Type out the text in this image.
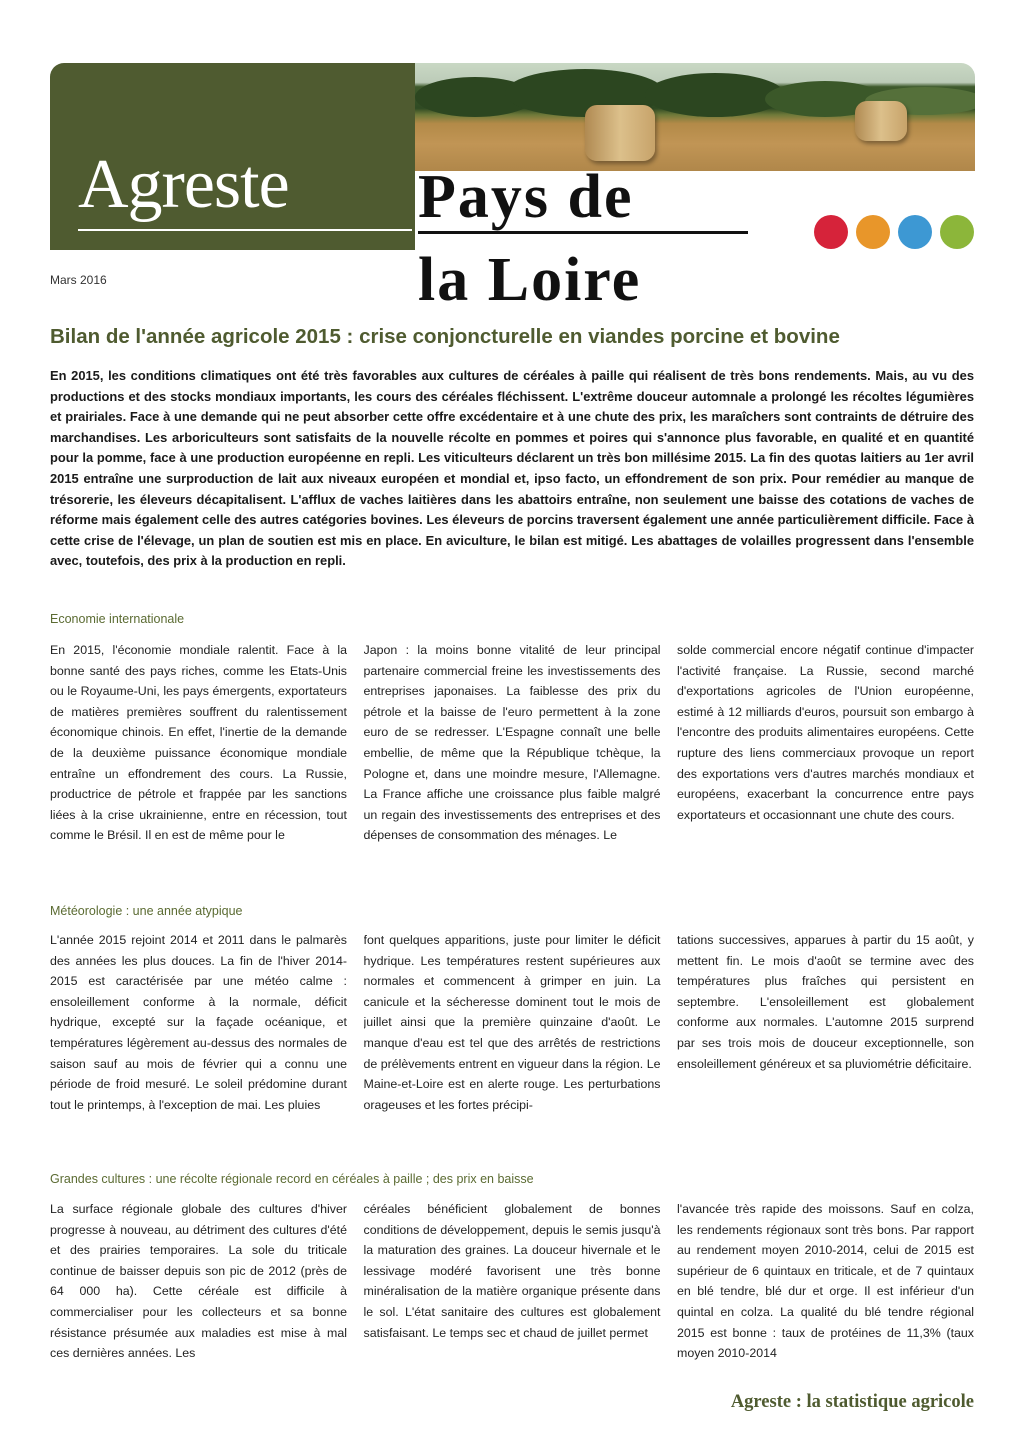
Agreste Pays de
la Loire
Mars 2016
Bilan de l'année agricole 2015 : crise conjoncturelle en viandes porcine et bovine
En 2015, les conditions climatiques ont été très favorables aux cultures de céréales à paille qui réalisent de très bons rendements. Mais, au vu des productions et des stocks mondiaux importants, les cours des céréales fléchissent. L'extrême douceur automnale a prolongé les récoltes légumières et prairiales. Face à une demande qui ne peut absorber cette offre excédentaire et à une chute des prix, les maraîchers sont contraints de détruire des marchandises. Les arboriculteurs sont satisfaits de la nouvelle récolte en pommes et poires qui s'annonce plus favorable, en qualité et en quantité pour la pomme, face à une production européenne en repli. Les viticulteurs déclarent un très bon millésime 2015. La fin des quotas laitiers au 1er avril 2015 entraîne une surproduction de lait aux niveaux européen et mondial et, ipso facto, un effondrement de son prix. Pour remédier au manque de trésorerie, les éleveurs décapitalisent. L'afflux de vaches laitières dans les abattoirs entraîne, non seulement une baisse des cotations de vaches de réforme mais également celle des autres catégories bovines. Les éleveurs de porcins traversent également une année particulièrement difficile. Face à cette crise de l'élevage, un plan de soutien est mis en place. En aviculture, le bilan est mitigé. Les abattages de volailles progressent dans l'ensemble avec, toutefois, des prix à la production en repli.
Economie internationale
En 2015, l'économie mondiale ralentit. Face à la bonne santé des pays riches, comme les Etats-Unis ou le Royaume-Uni, les pays émergents, exportateurs de matières premières souffrent du ralentissement économique chinois. En effet, l'inertie de la demande de la deuxième puissance économique mondiale entraîne un effondrement des cours. La Russie, productrice de pétrole et frappée par les sanctions liées à la crise ukrainienne, entre en récession, tout comme le Brésil. Il en est de même pour le
Japon : la moins bonne vitalité de leur principal partenaire commercial freine les investissements des entreprises japonaises. La faiblesse des prix du pétrole et la baisse de l'euro permettent à la zone euro de se redresser. L'Espagne connaît une belle embellie, de même que la République tchèque, la Pologne et, dans une moindre mesure, l'Allemagne. La France affiche une croissance plus faible malgré un regain des investissements des entreprises et des dépenses de consommation des ménages. Le
solde commercial encore négatif continue d'impacter l'activité française. La Russie, second marché d'exportations agricoles de l'Union européenne, estimé à 12 milliards d'euros, poursuit son embargo à l'encontre des produits alimentaires européens. Cette rupture des liens commerciaux provoque un report des exportations vers d'autres marchés mondiaux et européens, exacerbant la concurrence entre pays exportateurs et occasionnant une chute des cours.
Météorologie : une année atypique
L'année 2015 rejoint 2014 et 2011 dans le palmarès des années les plus douces. La fin de l'hiver 2014-2015 est caractérisée par une météo calme : ensoleillement conforme à la normale, déficit hydrique, excepté sur la façade océanique, et températures légèrement au-dessus des normales de saison sauf au mois de février qui a connu une période de froid mesuré. Le soleil prédomine durant tout le printemps, à l'exception de mai. Les pluies
font quelques apparitions, juste pour limiter le déficit hydrique. Les températures restent supérieures aux normales et commencent à grimper en juin. La canicule et la sécheresse dominent tout le mois de juillet ainsi que la première quinzaine d'août. Le manque d'eau est tel que des arrêtés de restrictions de prélèvements entrent en vigueur dans la région. Le Maine-et-Loire est en alerte rouge. Les perturbations orageuses et les fortes précipi-
tations successives, apparues à partir du 15 août, y mettent fin. Le mois d'août se termine avec des températures plus fraîches qui persistent en septembre. L'ensoleillement est globalement conforme aux normales. L'automne 2015 surprend par ses trois mois de douceur exceptionnelle, son ensoleillement généreux et sa pluviométrie déficitaire.
Grandes cultures : une récolte régionale record en céréales à paille ; des prix en baisse
La surface régionale globale des cultures d'hiver progresse à nouveau, au détriment des cultures d'été et des prairies temporaires. La sole du triticale continue de baisser depuis son pic de 2012 (près de 64 000 ha). Cette céréale est difficile à commercialiser pour les collecteurs et sa bonne résistance présumée aux maladies est mise à mal ces dernières années. Les
céréales bénéficient globalement de bonnes conditions de développement, depuis le semis jusqu'à la maturation des graines. La douceur hivernale et le lessivage modéré favorisent une très bonne minéralisation de la matière organique présente dans le sol. L'état sanitaire des cultures est globalement satisfaisant. Le temps sec et chaud de juillet permet
l'avancée très rapide des moissons. Sauf en colza, les rendements régionaux sont très bons. Par rapport au rendement moyen 2010-2014, celui de 2015 est supérieur de 6 quintaux en triticale, et de 7 quintaux en blé tendre, blé dur et orge. Il est inférieur d'un quintal en colza. La qualité du blé tendre régional 2015 est bonne : taux de protéines de 11,3% (taux moyen 2010-2014
Agreste : la statistique agricole
